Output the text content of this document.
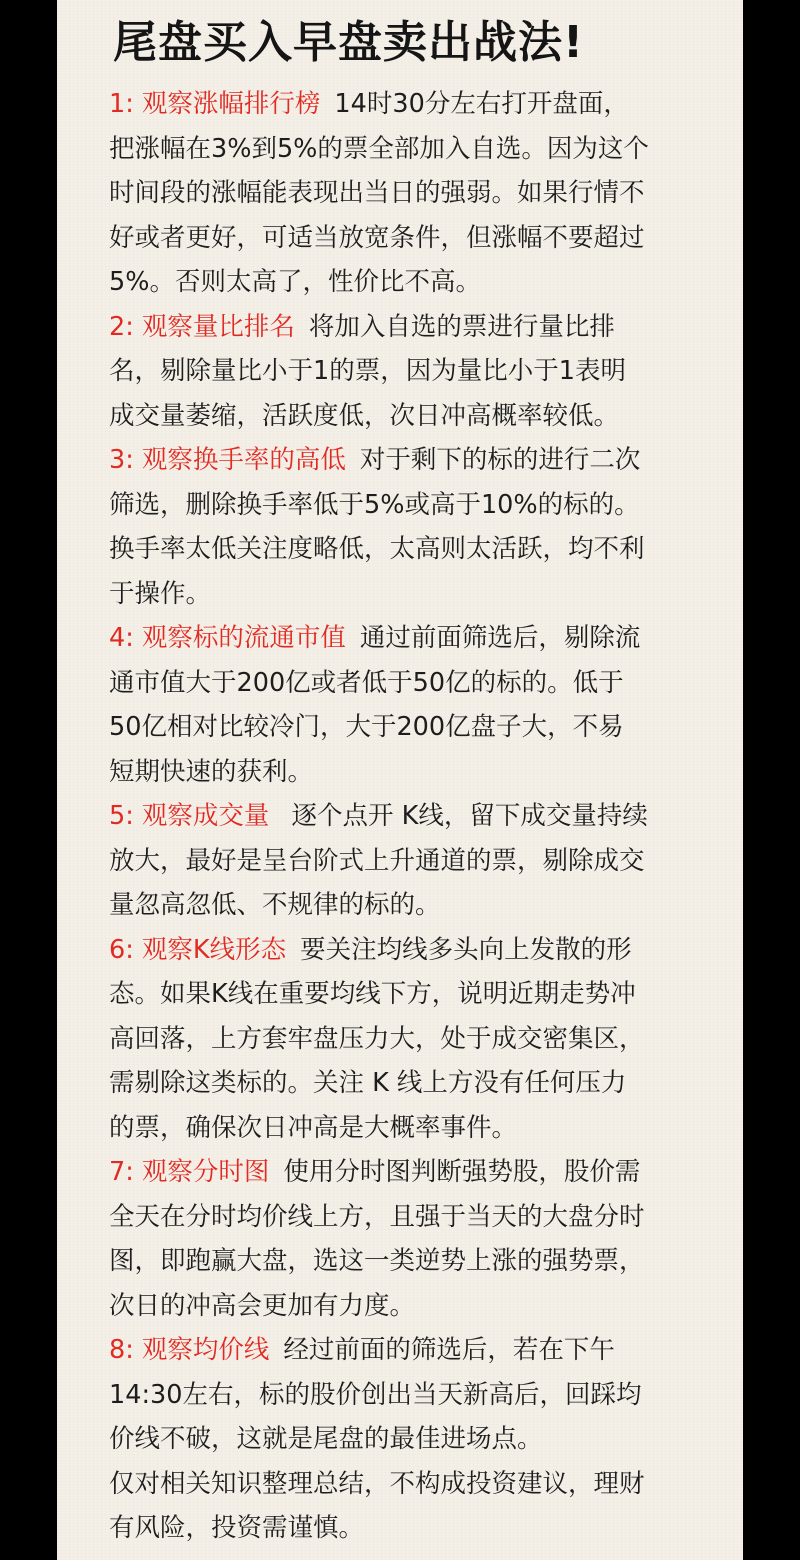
尾盘买入早盘卖出战法!

1: 观察涨幅排行榜 14时30分左右打开盘面，把涨幅在3%到5%的票全部加入自选。因为这个时间段的涨幅能表现出当日的强弱。如果行情不好或者更好，可适当放宽条件，但涨幅不要超过5%。否则太高了，性价比不高。

2: 观察量比排名 将加入自选的票进行量比排名，剔除量比小于1的票，因为量比小于1表明成交量萎缩，活跃度低，次日冲高概率较低。

3: 观察换手率的高低 对于剩下的标的进行二次筛选，删除换手率低于5%或高于10%的标的。换手率太低关注度略低，太高则太活跃，均不利于操作。

4: 观察标的流通市值 通过前面筛选后，剔除流通市值大于200亿或者低于50亿的标的。低于50亿相对比较冷门，大于200亿盘子大，不易短期快速的获利。

5: 观察成交量 逐个点开 K线，留下成交量持续放大，最好是呈台阶式上升通道的票，剔除成交量忽高忽低、不规律的标的。

6: 观察K线形态 要关注均线多头向上发散的形态。如果K线在重要均线下方，说明近期走势冲高回落，上方套牢盘压力大，处于成交密集区，需剔除这类标的。关注 K 线上方没有任何压力的票，确保次日冲高是大概率事件。

7: 观察分时图 使用分时图判断强势股，股价需全天在分时均价线上方，且强于当天的大盘分时图，即跑赢大盘，选这一类逆势上涨的强势票，次日的冲高会更加有力度。

8: 观察均价线 经过前面的筛选后，若在下午14:30左右，标的股价创出当天新高后，回踩均价线不破，这就是尾盘的最佳进场点。

仅对相关知识整理总结，不构成投资建议，理财有风险，投资需谨慎。
